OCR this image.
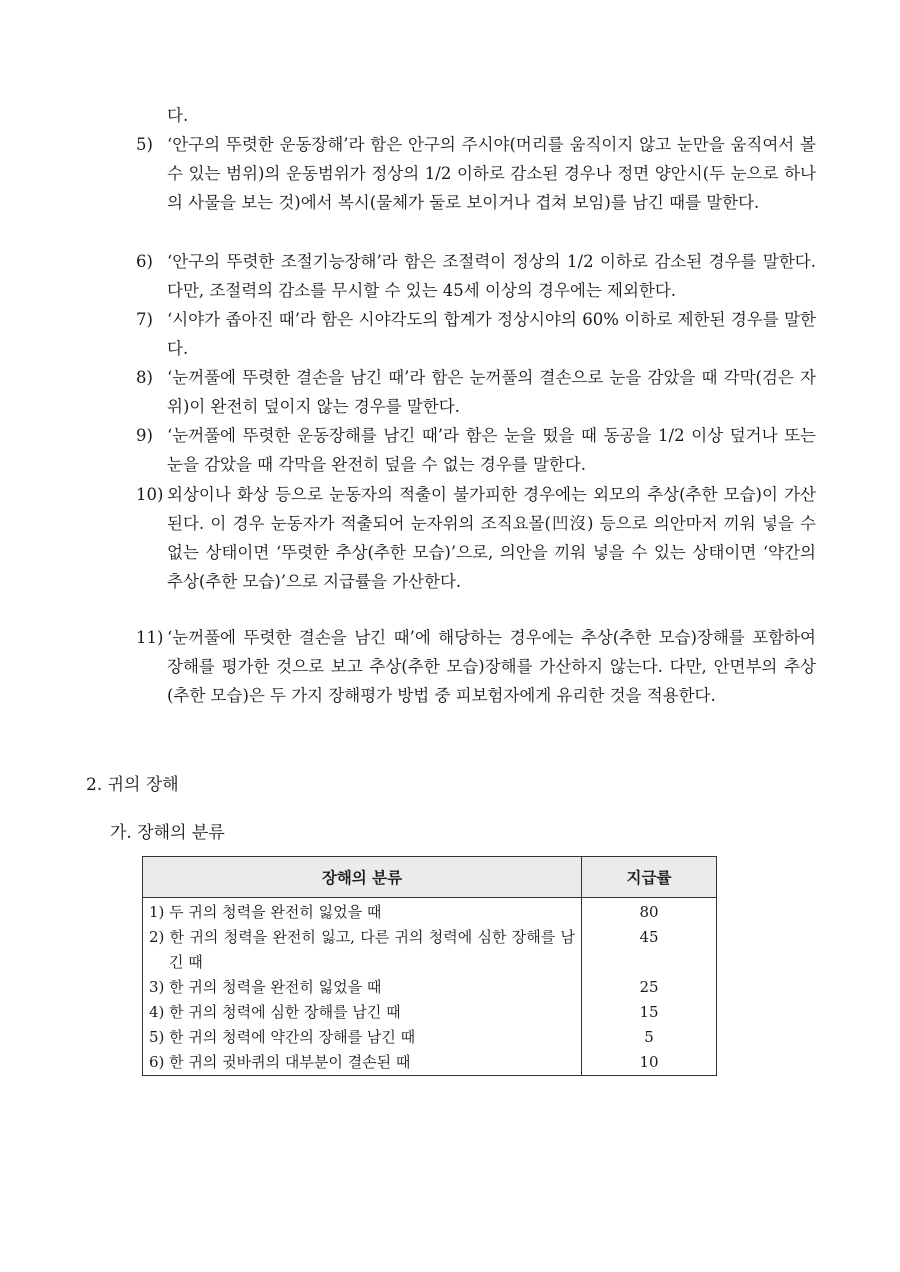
다.
5) ‘안구의 뚜렷한 운동장해’라 함은 안구의 주시야(머리를 움직이지 않고 눈만을 움직여서 볼 수 있는 범위)의 운동범위가 정상의 1/2 이하로 감소된 경우나 정면 양안시(두 눈으로 하나의 사물을 보는 것)에서 복시(물체가 둘로 보이거나 겹쳐 보임)를 남긴 때를 말한다.
6) ‘안구의 뚜렷한 조절기능장해’라 함은 조절력이 정상의 1/2 이하로 감소된 경우를 말한다. 다만, 조절력의 감소를 무시할 수 있는 45세 이상의 경우에는 제외한다.
7) ‘시야가 좁아진 때’라 함은 시야각도의 합계가 정상시야의 60% 이하로 제한된 경우를 말한다.
8) ‘눈꺼풀에 뚜렷한 결손을 남긴 때’라 함은 눈꺼풀의 결손으로 눈을 감았을 때 각막(검은 자위)이 완전히 덮이지 않는 경우를 말한다.
9) ‘눈꺼풀에 뚜렷한 운동장해를 남긴 때’라 함은 눈을 떴을 때 동공을 1/2 이상 덮거나 또는 눈을 감았을 때 각막을 완전히 덮을 수 없는 경우를 말한다.
10) 외상이나 화상 등으로 눈동자의 적출이 불가피한 경우에는 외모의 추상(추한 모습)이 가산된다. 이 경우 눈동자가 적출되어 눈자위의 조직요몰(凹沒) 등으로 의안마저 끼워 넣을 수 없는 상태이면 ‘뚜렷한 추상(추한 모습)’으로, 의안을 끼워 넣을 수 있는 상태이면 ‘약간의 추상(추한 모습)’으로 지급률을 가산한다.
11) ‘눈꺼풀에 뚜렷한 결손을 남긴 때’에 해당하는 경우에는 추상(추한 모습)장해를 포함하여 장해를 평가한 것으로 보고 추상(추한 모습)장해를 가산하지 않는다. 다만, 안면부의 추상(추한 모습)은 두 가지 장해평가 방법 중 피보험자에게 유리한 것을 적용한다.
2. 귀의 장해
가. 장해의 분류
장해의 분류	지급률

1) 두 귀의 청력을 완전히 잃었을 때	80

2) 한 귀의 청력을 완전히 잃고, 다른 귀의 청력에 심한 장해를 남긴 때	45

3) 한 귀의 청력을 완전히 잃었을 때	25

4) 한 귀의 청력에 심한 장해를 남긴 때	15

5) 한 귀의 청력에 약간의 장해를 남긴 때	5

6) 한 귀의 귓바퀴의 대부분이 결손된 때	10
